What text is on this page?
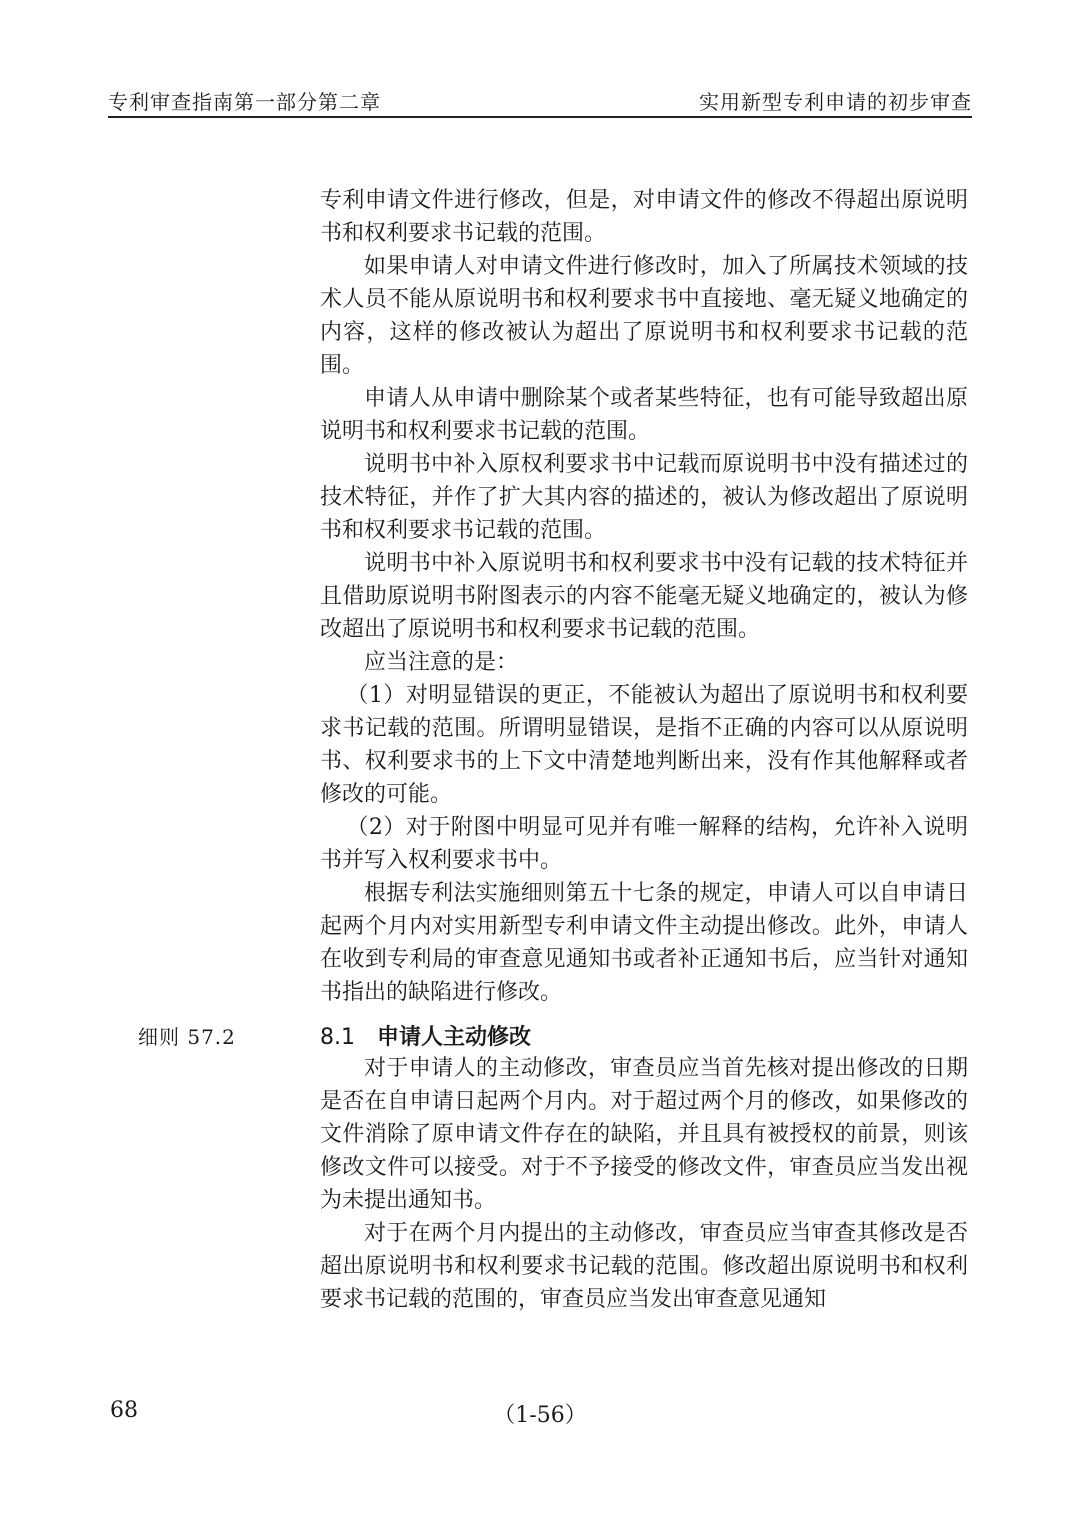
专利审查指南第一部分第二章	实用新型专利申请的初步审查

专利申请文件进行修改，但是，对申请文件的修改不得超出原说明书和权利要求书记载的范围。

如果申请人对申请文件进行修改时，加入了所属技术领域的技术人员不能从原说明书和权利要求书中直接地、毫无疑义地确定的内容，这样的修改被认为超出了原说明书和权利要求书记载的范围。

申请人从申请中删除某个或者某些特征，也有可能导致超出原说明书和权利要求书记载的范围。

说明书中补入原权利要求书中记载而原说明书中没有描述过的技术特征，并作了扩大其内容的描述的，被认为修改超出了原说明书和权利要求书记载的范围。

说明书中补入原说明书和权利要求书中没有记载的技术特征并且借助原说明书附图表示的内容不能毫无疑义地确定的，被认为修改超出了原说明书和权利要求书记载的范围。

应当注意的是：

（1）对明显错误的更正，不能被认为超出了原说明书和权利要求书记载的范围。所谓明显错误，是指不正确的内容可以从原说明书、权利要求书的上下文中清楚地判断出来，没有作其他解释或者修改的可能。

（2）对于附图中明显可见并有唯一解释的结构，允许补入说明书并写入权利要求书中。

根据专利法实施细则第五十七条的规定，申请人可以自申请日起两个月内对实用新型专利申请文件主动提出修改。此外，申请人在收到专利局的审查意见通知书或者补正通知书后，应当针对通知书指出的缺陷进行修改。

细则 57.2	8.1 申请人主动修改

对于申请人的主动修改，审查员应当首先核对提出修改的日期是否在自申请日起两个月内。对于超过两个月的修改，如果修改的文件消除了原申请文件存在的缺陷，并且具有被授权的前景，则该修改文件可以接受。对于不予接受的修改文件，审查员应当发出视为未提出通知书。

对于在两个月内提出的主动修改，审查员应当审查其修改是否超出原说明书和权利要求书记载的范围。修改超出原说明书和权利要求书记载的范围的，审查员应当发出审查意见通知

68	（1-56）
